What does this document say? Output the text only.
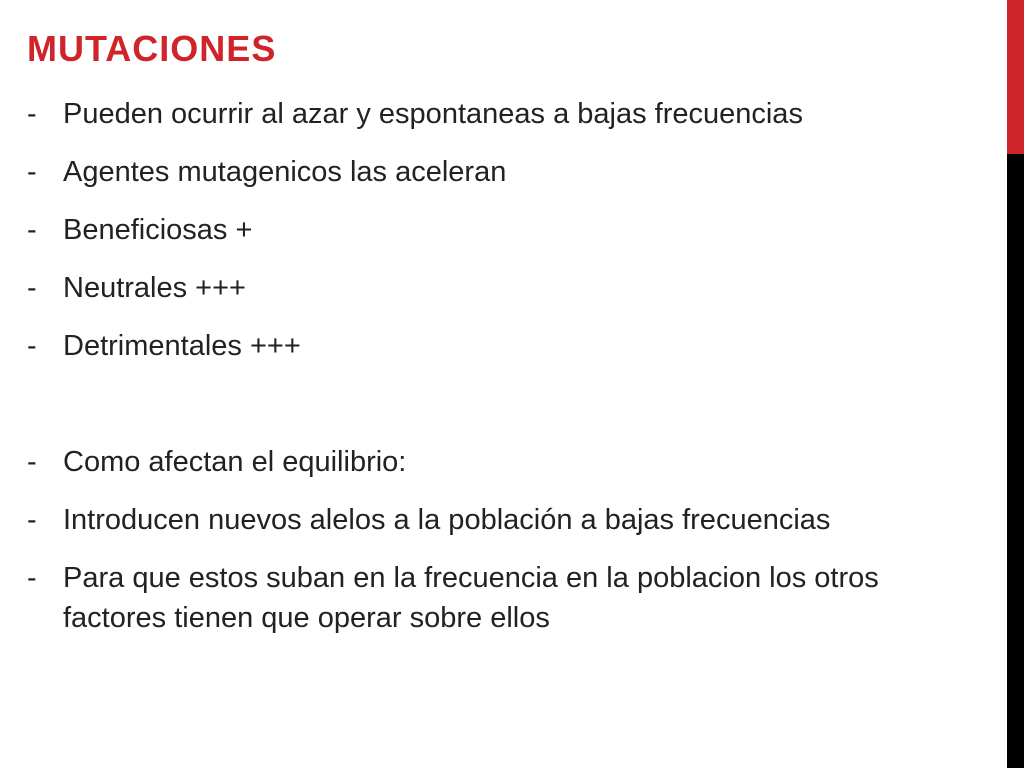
MUTACIONES
- Pueden ocurrir al azar y espontaneas a bajas frecuencias
- Agentes mutagenicos las aceleran
- Beneficiosas +
- Neutrales +++
- Detrimentales +++
- Como afectan el equilibrio:
- Introducen nuevos alelos a la población a bajas frecuencias
- Para que estos suban en la frecuencia en la poblacion los otros factores tienen que operar sobre ellos
